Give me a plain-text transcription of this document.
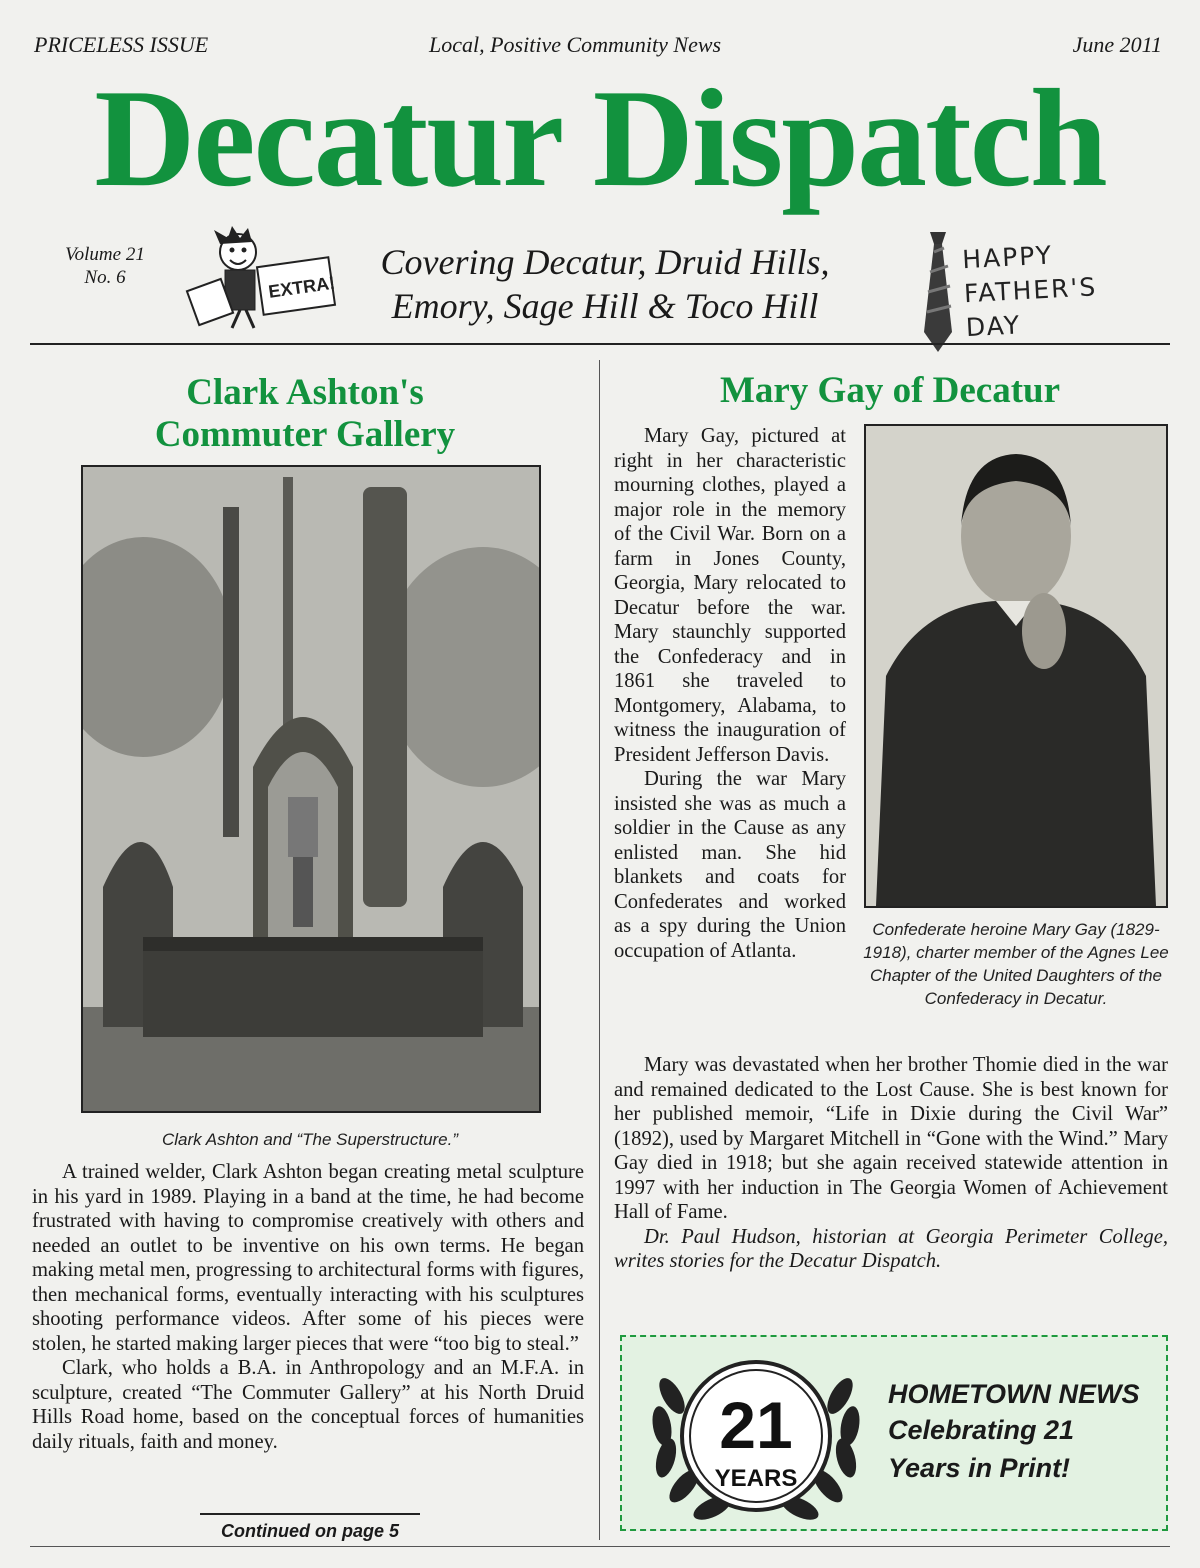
PRICELESS ISSUE	Local, Positive Community News	June 2011
Decatur Dispatch
Volume 21
No. 6	EXTRA!
Covering Decatur, Druid Hills,
Emory, Sage Hill & Toco Hill
HAPPY
FATHER'S
DAY
Clark Ashton's
Commuter Gallery
Clark Ashton and “The Superstructure.”

A trained welder, Clark Ashton began creating metal sculpture in his yard in 1989. Playing in a band at the time, he had become frustrated with having to compromise creatively with others and needed an outlet to be inventive on his own terms. He began making metal men, progressing to architectural forms with figures, then mechanical forms, eventually interacting with his sculptures shooting performance videos. After some of his pieces were stolen, he started making larger pieces that were “too big to steal.”

Clark, who holds a B.A. in Anthropology and an M.F.A. in sculpture, created “The Commuter Gallery” at his North Druid Hills Road home, based on the conceptual forces of humanities daily rituals, faith and money.

Continued on page 5
Mary Gay of Decatur

Mary Gay, pictured at right in her characteristic mourning clothes, played a major role in the memory of the Civil War. Born on a farm in Jones County, Georgia, Mary relocated to Decatur before the war. Mary staunchly supported the Confederacy and in 1861 she traveled to Montgomery, Alabama, to witness the inauguration of President Jefferson Davis.

During the war Mary insisted she was as much a soldier in the Cause as any enlisted man. She hid blankets and coats for Confederates and worked as a spy during the Union occupation of Atlanta.

Confederate heroine Mary Gay (1829-1918), charter member of the Agnes Lee Chapter of the United Daughters of the Confederacy in Decatur.

Mary was devastated when her brother Thomie died in the war and remained dedicated to the Lost Cause. She is best known for her published memoir, “Life in Dixie during the Civil War” (1892), used by Margaret Mitchell in “Gone with the Wind.” Mary Gay died in 1918; but she again received statewide attention in 1997 with her induction in The Georgia Women of Achievement Hall of Fame.

Dr. Paul Hudson, historian at Georgia Perimeter College, writes stories for the Decatur Dispatch.

21
YEARS
HOMETOWN NEWS
Celebrating 21
Years in Print!
